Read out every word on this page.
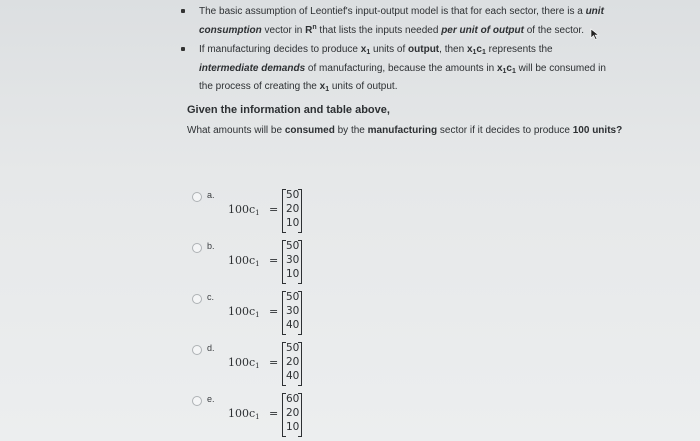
The basic assumption of Leontief's input-output model is that for each sector, there is a unit consumption vector in $R^n$ that lists the inputs needed per unit of output of the sector.
If manufacturing decides to produce $x_1$ units of output, then $x_1c_1$ represents the intermediate demands of manufacturing, because the amounts in $x_1c_1$ will be consumed in the process of creating the $x_1$ units of output.
Given the information and table above,
What amounts will be consumed by the manufacturing sector if it decides to produce 100 units?
a.
$100c_1$ =
50
20
10
b.
$100c_1$ =
50
30
10
c.
$100c_1$ =
50
30
40
d.
$100c_1$ =
50
20
40
e.
$100c_1$ =
60
20
10
